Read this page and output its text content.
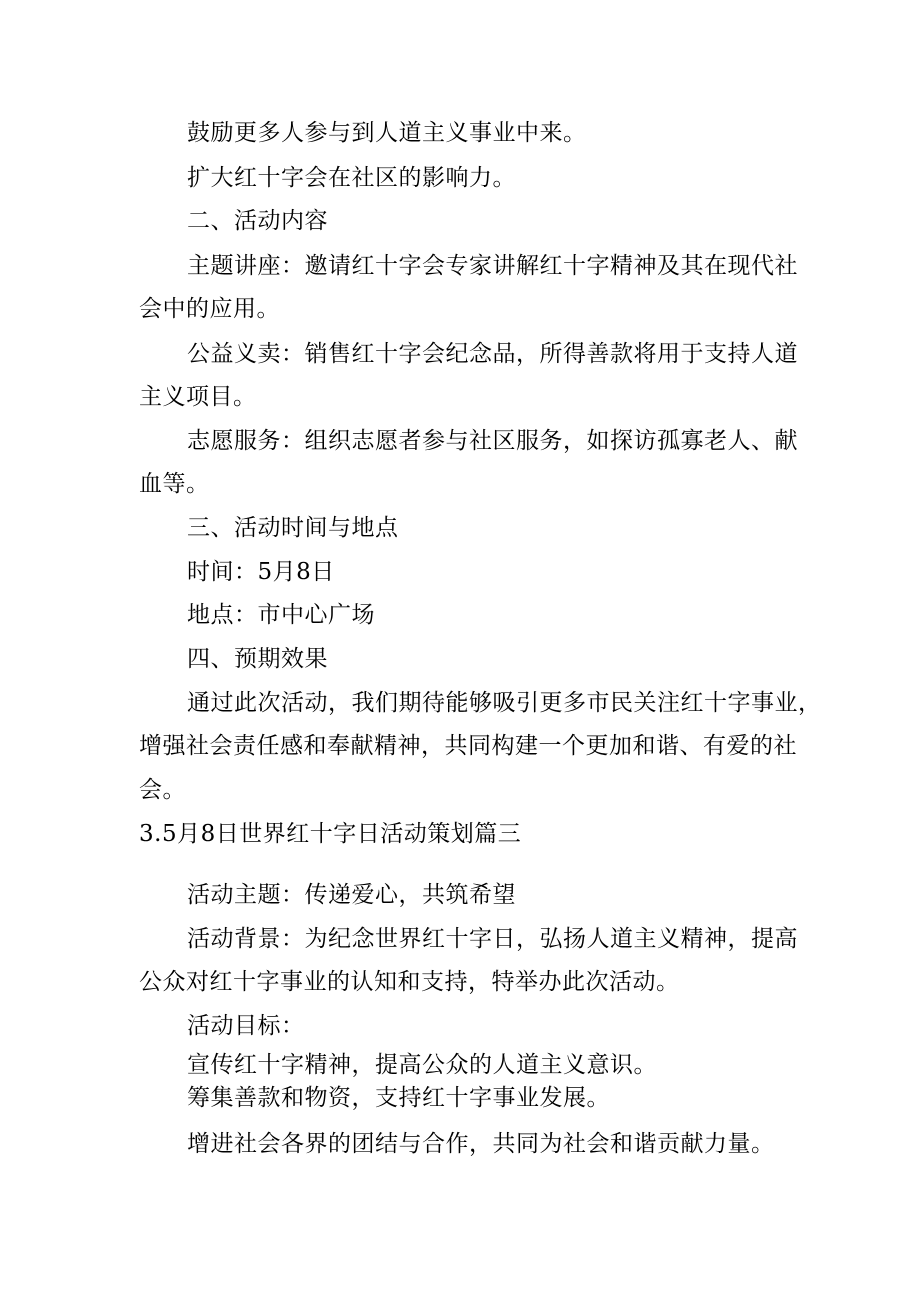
鼓励更多人参与到人道主义事业中来。
扩大红十字会在社区的影响力。
二、活动内容
主题讲座：邀请红十字会专家讲解红十字精神及其在现代社
会中的应用。
公益义卖：销售红十字会纪念品，所得善款将用于支持人道
主义项目。
志愿服务：组织志愿者参与社区服务，如探访孤寡老人、献
血等。
三、活动时间与地点
时间：5月8日
地点：市中心广场
四、预期效果
通过此次活动，我们期待能够吸引更多市民关注红十字事业，
增强社会责任感和奉献精神，共同构建一个更加和谐、有爱的社
会。
3.5月8日世界红十字日活动策划篇三
活动主题：传递爱心，共筑希望
活动背景：为纪念世界红十字日，弘扬人道主义精神，提高
公众对红十字事业的认知和支持，特举办此次活动。
活动目标：
宣传红十字精神，提高公众的人道主义意识。
筹集善款和物资，支持红十字事业发展。
增进社会各界的团结与合作，共同为社会和谐贡献力量。
